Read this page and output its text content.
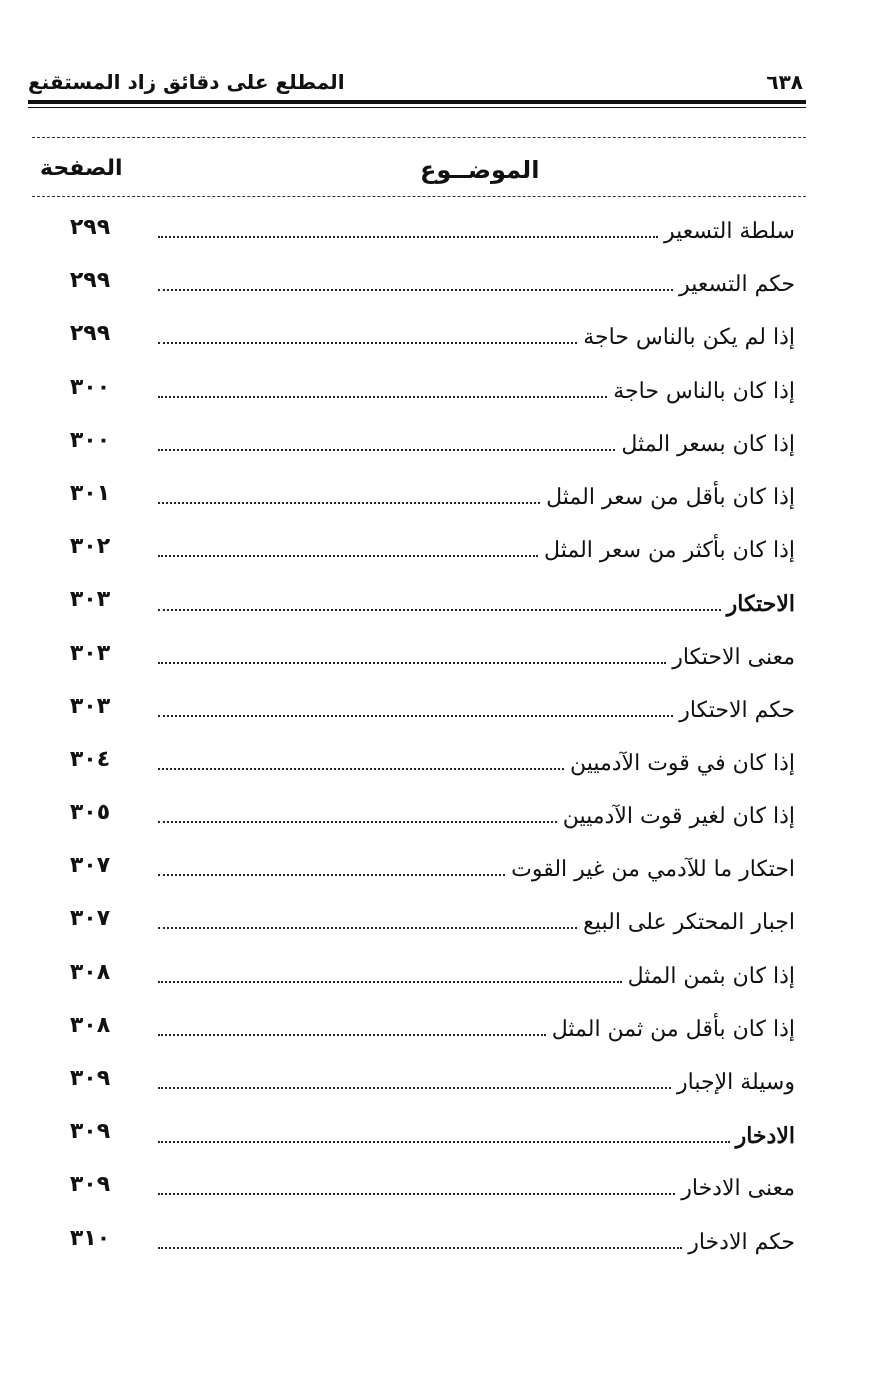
المطلع على دقائق زاد المستقنع	٦٣٨
الموضــوع
الصفحة
٢٩٩	سلطة التسعير
٢٩٩	حكم التسعير
٢٩٩	إذا لم يكن بالناس حاجة
٣٠٠	إذا كان بالناس حاجة
٣٠٠	إذا كان بسعر المثل
٣٠١	إذا كان بأقل من سعر المثل
٣٠٢	إذا كان بأكثر من سعر المثل
٣٠٣	الاحتكار
٣٠٣	معنى الاحتكار
٣٠٣	حكم الاحتكار
٣٠٤	إذا كان في قوت الآدميين
٣٠٥	إذا كان لغير قوت الآدميين
٣٠٧	احتكار ما للآدمي من غير القوت
٣٠٧	اجبار المحتكر على البيع
٣٠٨	إذا كان بثمن المثل
٣٠٨	إذا كان بأقل من ثمن المثل
٣٠٩	وسيلة الإجبار
٣٠٩	الادخار
٣٠٩	معنى الادخار
٣١٠	حكم الادخار
